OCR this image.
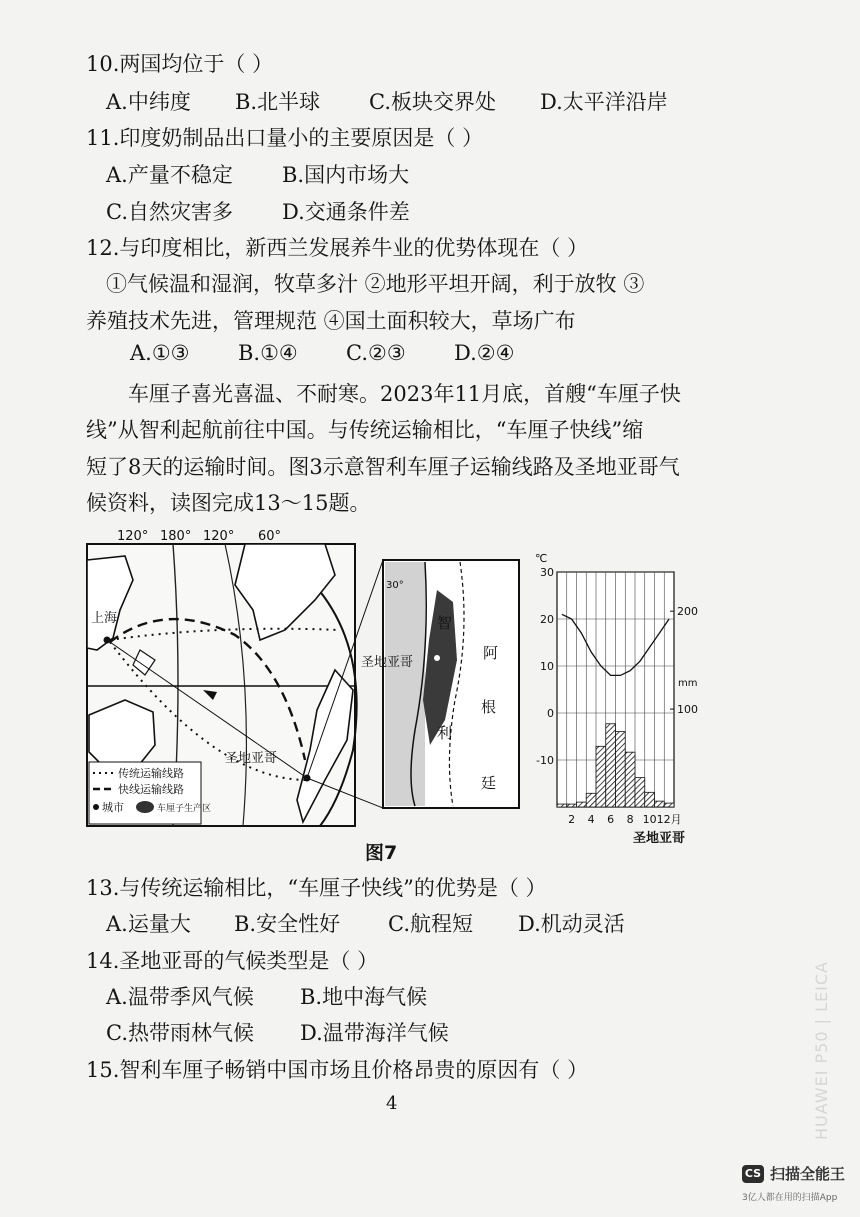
10.两国均位于（ ）
A.中纬度 B.北半球 C.板块交界处 D.太平洋沿岸
11.印度奶制品出口量小的主要原因是（ ）
A.产量不稳定 B.国内市场大
C.自然灾害多 D.交通条件差
12.与印度相比，新西兰发展养牛业的优势体现在（ ）
①气候温和湿润，牧草多汁 ②地形平坦开阔，利于放牧 ③
养殖技术先进，管理规范 ④国土面积较大，草场广布
A.①③ B.①④ C.②③ D.②④
车厘子喜光喜温、不耐寒。2023年11月底，首艘“车厘子快
线”从智利起航前往中国。与传统运输相比，“车厘子快线”缩
短了8天的运输时间。图3示意智利车厘子运输线路及圣地亚哥气
候资料，读图完成13～15题。
120° 180° 120° 60°
上海
圣地亚哥
传统运输线路
快线运输线路
城市	车厘子生产区
30°
圣地亚哥
智
利
阿
根
廷
℃
mm
圣地亚哥
30
20
10
0
-10
200
100
2 4 6 8 10 12月
图7
13.与传统运输相比，“车厘子快线”的优势是（ ）
A.运量大 B.安全性好 C.航程短 D.机动灵活
14.圣地亚哥的气候类型是（ ）
A.温带季风气候 B.地中海气候
C.热带雨林气候 D.温带海洋气候
15.智利车厘子畅销中国市场且价格昂贵的原因有（ ）
4	HUAWEI P50 | LEICA
CS 扫描全能王
3亿人都在用的扫描App
